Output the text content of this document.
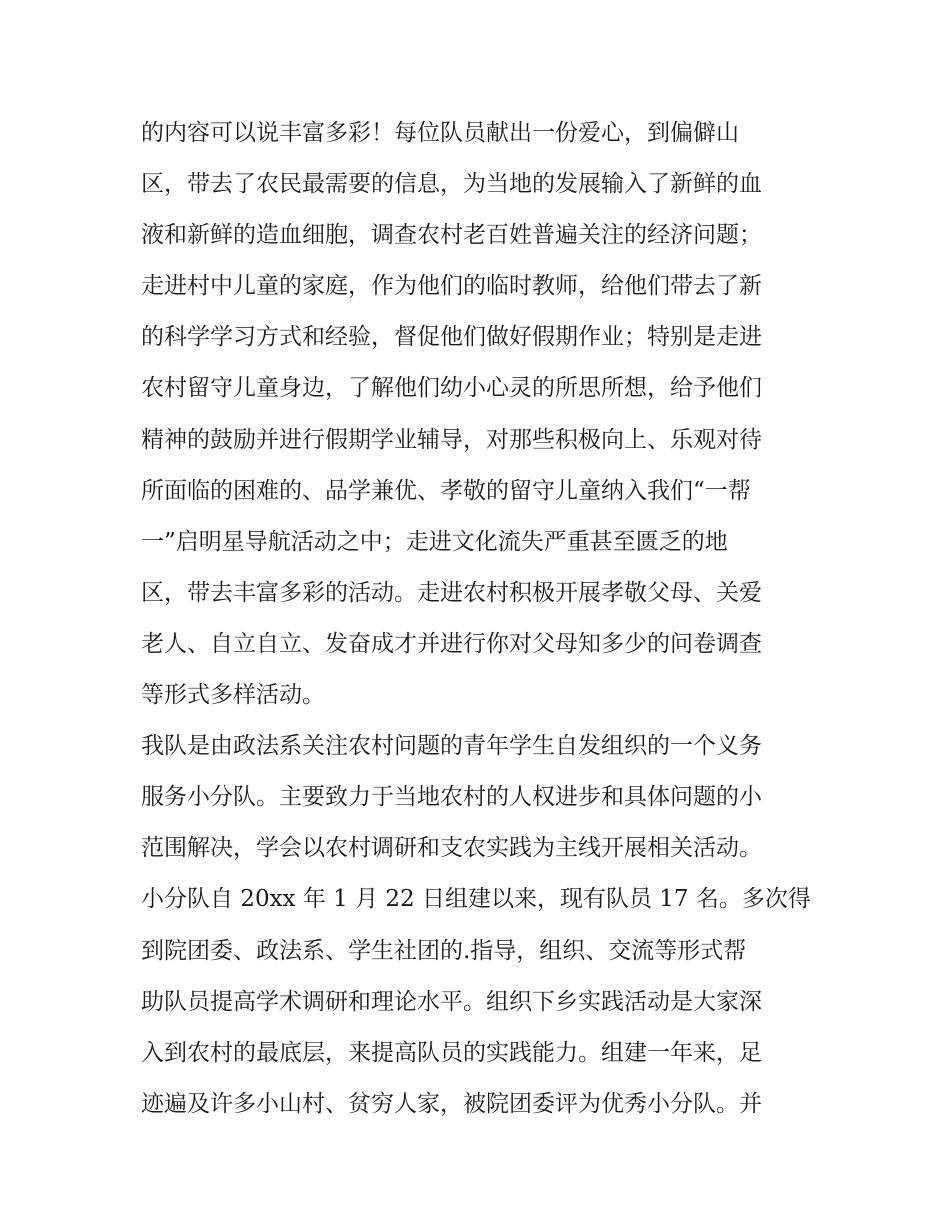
的内容可以说丰富多彩！每位队员献出一份爱心，到偏僻山
区，带去了农民最需要的信息，为当地的发展输入了新鲜的血
液和新鲜的造血细胞，调查农村老百姓普遍关注的经济问题；
走进村中儿童的家庭，作为他们的临时教师，给他们带去了新
的科学学习方式和经验，督促他们做好假期作业；特别是走进
农村留守儿童身边，了解他们幼小心灵的所思所想，给予他们
精神的鼓励并进行假期学业辅导，对那些积极向上、乐观对待
所面临的困难的、品学兼优、孝敬的留守儿童纳入我们“一帮
一”启明星导航活动之中；走进文化流失严重甚至匮乏的地
区，带去丰富多彩的活动。走进农村积极开展孝敬父母、关爱
老人、自立自立、发奋成才并进行你对父母知多少的问卷调查
等形式多样活动。
我队是由政法系关注农村问题的青年学生自发组织的一个义务
服务小分队。主要致力于当地农村的人权进步和具体问题的小
范围解决，学会以农村调研和支农实践为主线开展相关活动。
小分队自 20xx 年 1 月 22 日组建以来，现有队员 17 名。多次得
到院团委、政法系、学生社团的.指导，组织、交流等形式帮
助队员提高学术调研和理论水平。组织下乡实践活动是大家深
入到农村的最底层，来提高队员的实践能力。组建一年来，足
迹遍及许多小山村、贫穷人家，被院团委评为优秀小分队。并
